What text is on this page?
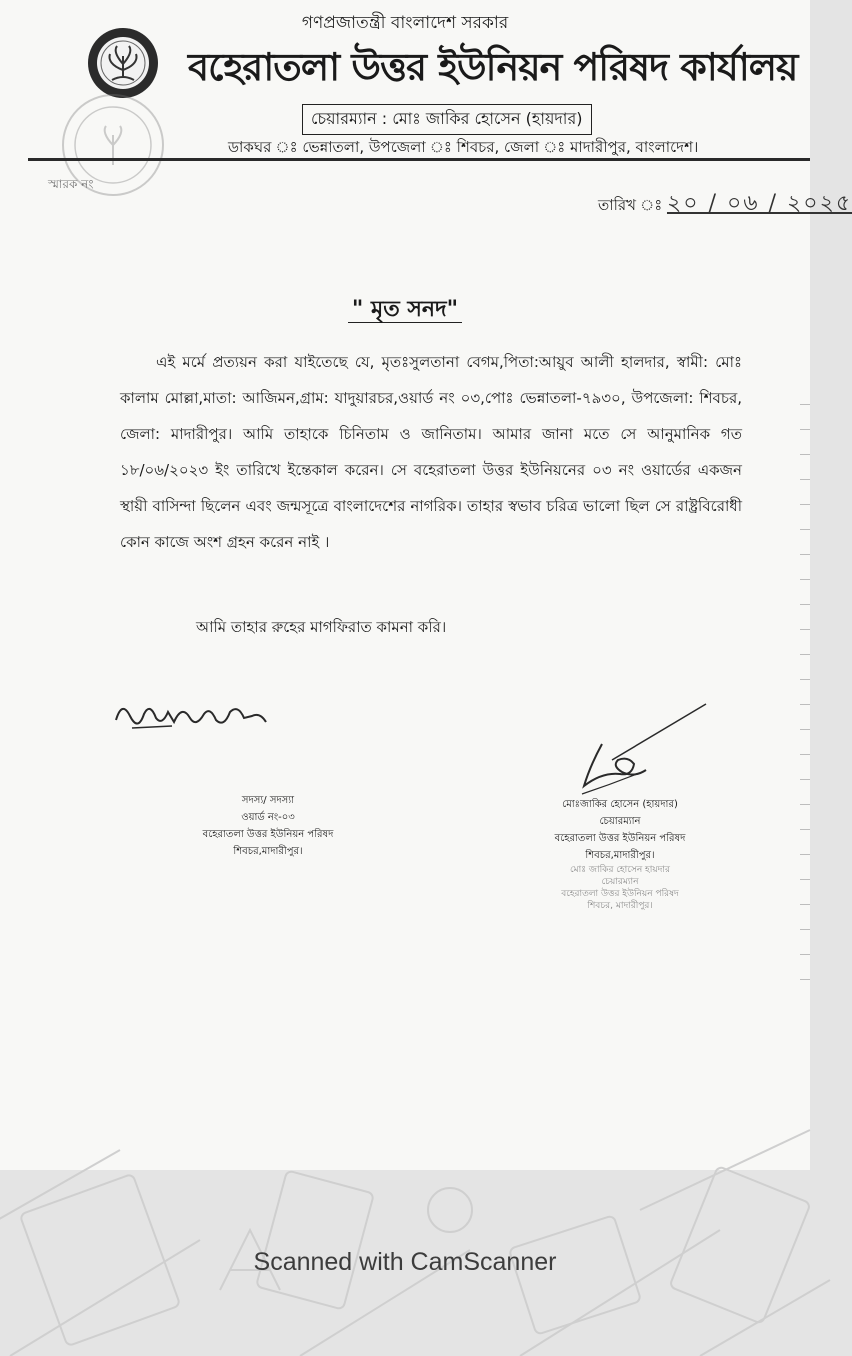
গণপ্রজাতন্ত্রী বাংলাদেশ সরকার
বহেরাতলা উত্তর ইউনিয়ন পরিষদ কার্যালয়
চেয়ারম্যান : মোঃ জাকির হোসেন (হায়দার)
ডাকঘর ঃ ভেন্নাতলা, উপজেলা ঃ শিবচর, জেলা ঃ মাদারীপুর, বাংলাদেশ।
স্মারক নং
তারিখ ঃ ২০ / ০৬ / ২০২৫
" মৃত সনদ"
এই মর্মে প্রত্যয়ন করা যাইতেছে যে, মৃতঃসুলতানা বেগম,পিতা:আয়ুব আলী হালদার, স্বামী: মোঃ কালাম মোল্লা,মাতা: আজিমন,গ্রাম: যাদুয়ারচর,ওয়ার্ড নং ০৩,পোঃ ভেন্নাতলা-৭৯৩০, উপজেলা: শিবচর, জেলা: মাদারীপুর। আমি তাহাকে চিনিতাম ও জানিতাম। আমার জানা মতে সে আনুমানিক গত ১৮/০৬/২০২৩ ইং তারিখে ইন্তেকাল করেন। সে বহেরাতলা উত্তর ইউনিয়নের ০৩ নং ওয়ার্ডের একজন স্থায়ী বাসিন্দা ছিলেন এবং জন্মসূত্রে বাংলাদেশের নাগরিক। তাহার স্বভাব চরিত্র ভালো ছিল সে রাষ্ট্রবিরোধী কোন কাজে অংশ গ্রহন করেন নাই ।
আমি তাহার রুহের মাগফিরাত কামনা করি।
সদস্য/ সদস্যা
ওয়ার্ড নং-০৩
বহেরাতলা উত্তর ইউনিয়ন পরিষদ
শিবচর,মাদারীপুর।
মোঃজাকির হোসেন (হায়দার)
চেয়ারম্যান
বহেরাতলা উত্তর ইউনিয়ন পরিষদ
শিবচর,মাদারীপুর।
মোঃ জাকির হোসেন হায়দার
চেয়ারম্যান
বহেরাতলা উত্তর ইউনিয়ন পরিষদ
শিবচর, মাদারীপুর।
Scanned with CamScanner
